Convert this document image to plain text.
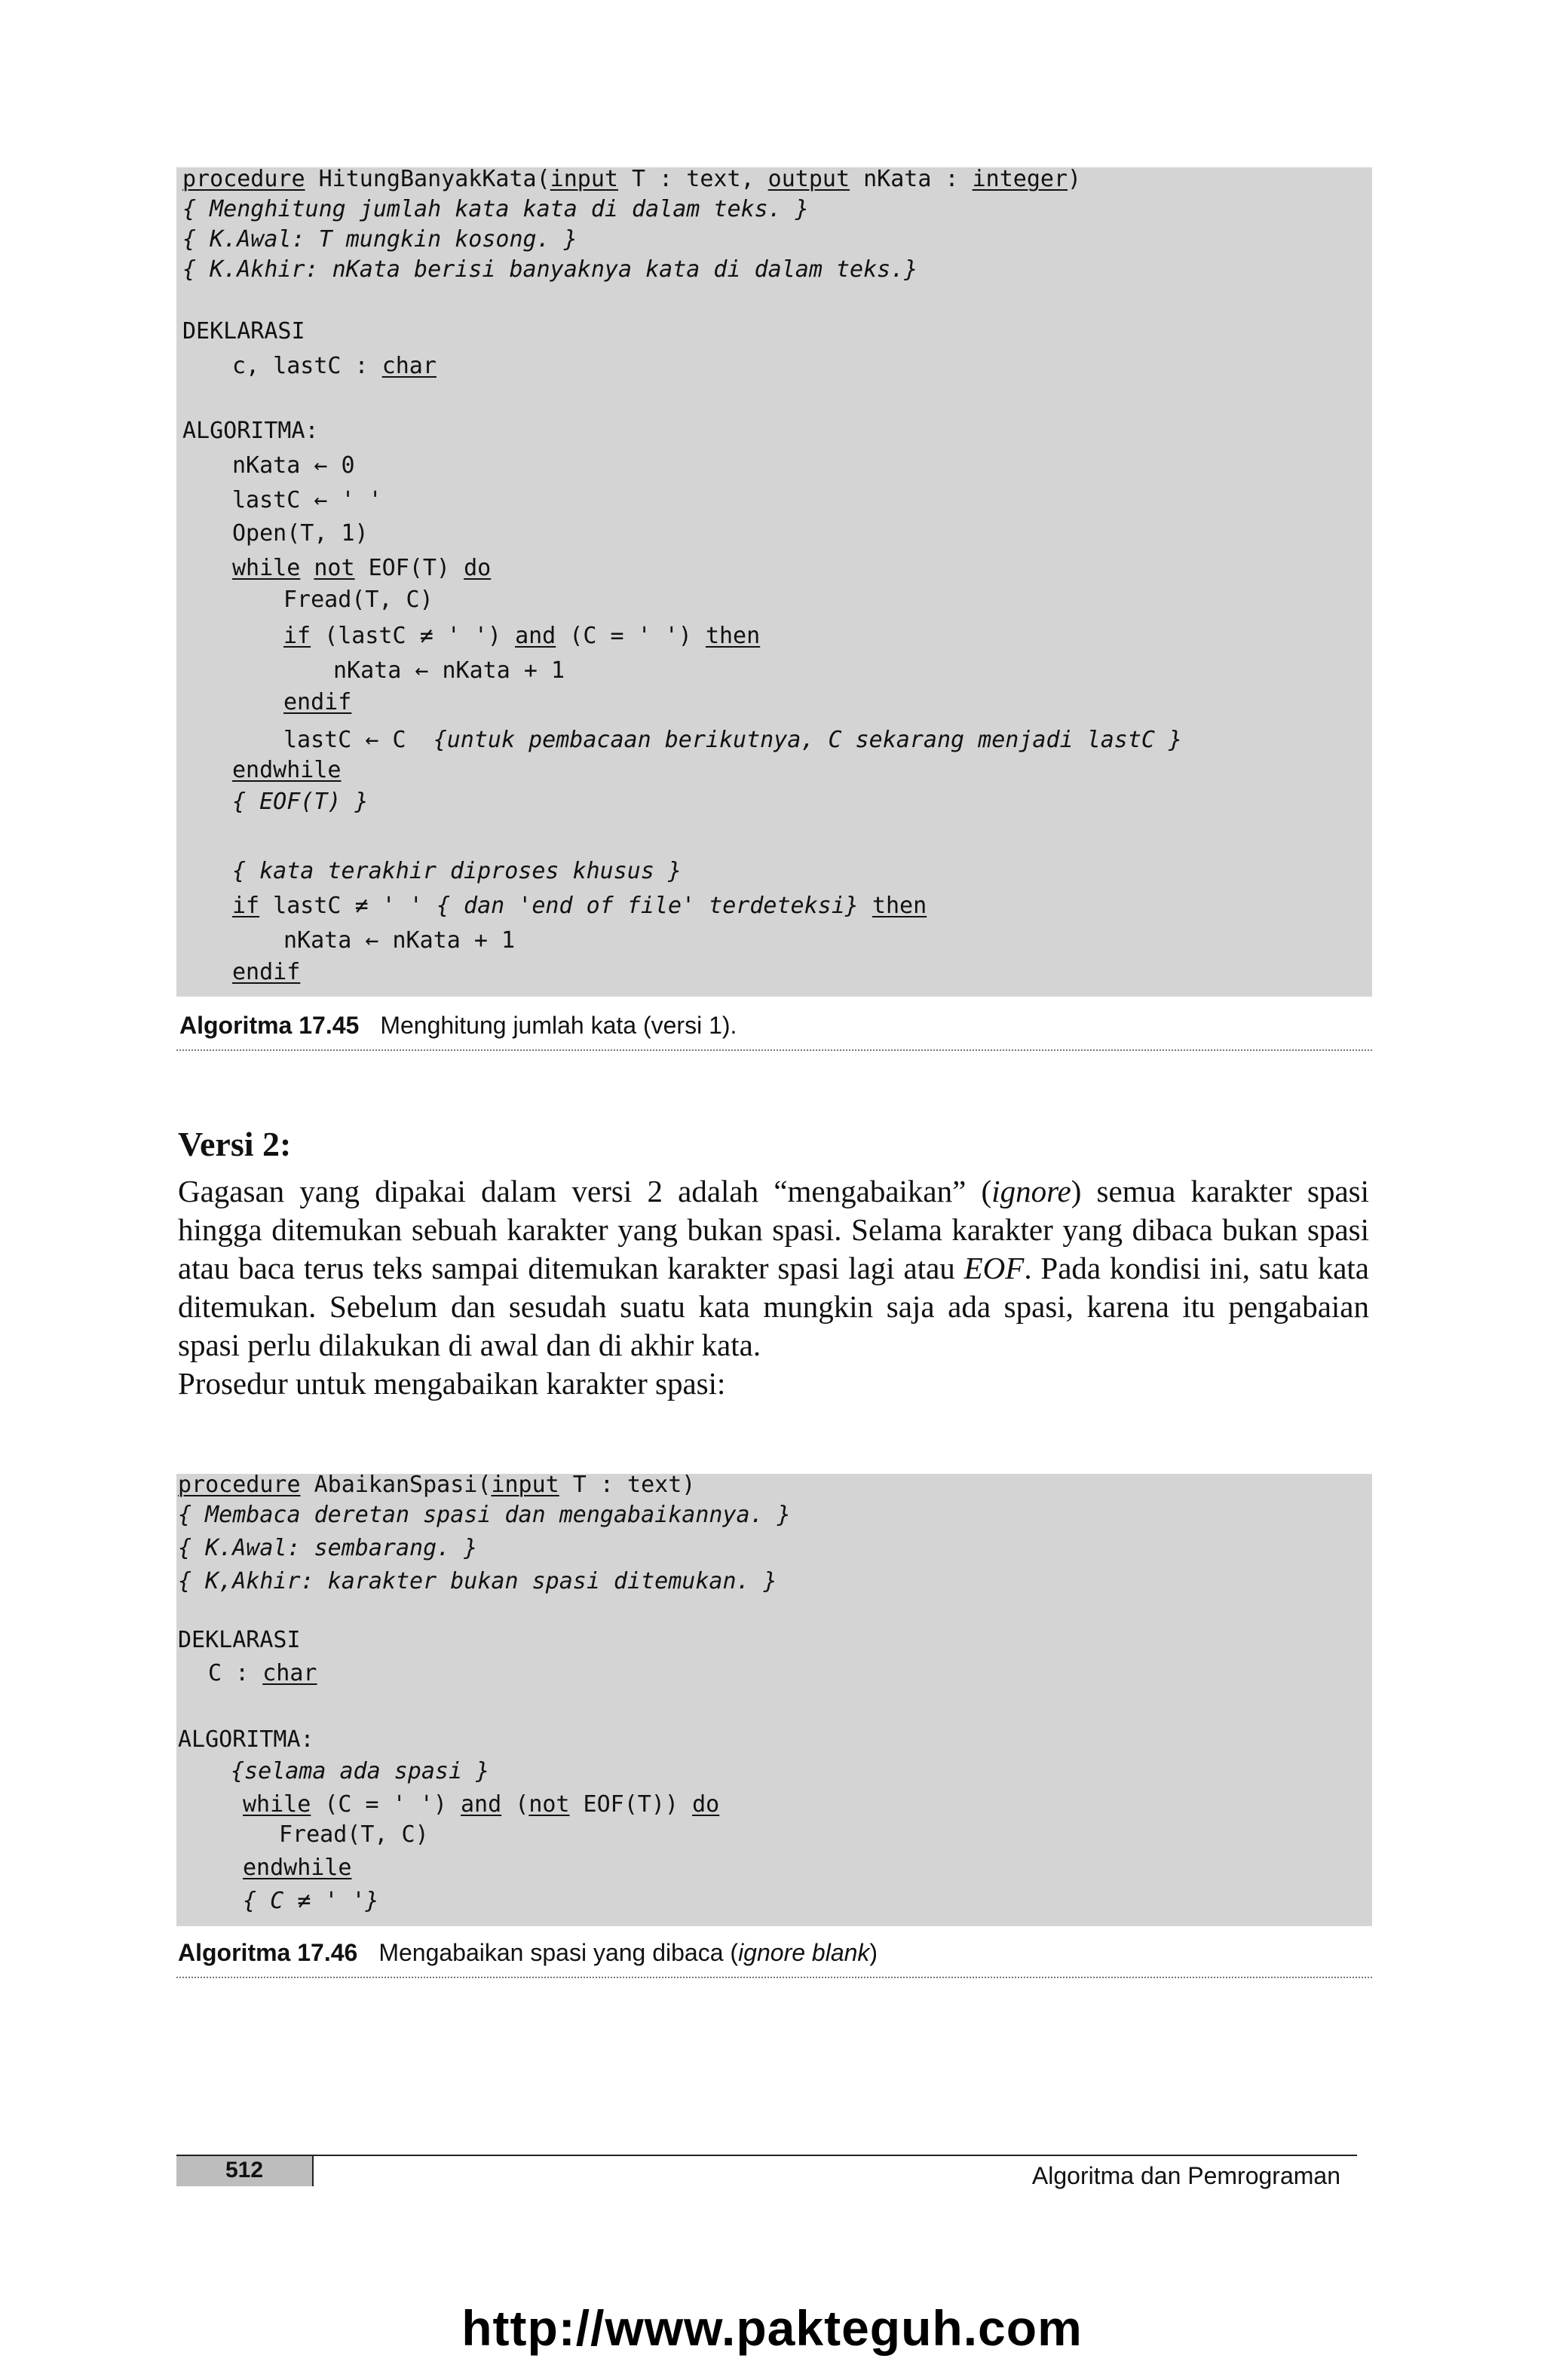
procedure HitungBanyakKata(input T : text, output nKata : integer)
{ Menghitung jumlah kata kata di dalam teks. }
{ K.Awal: T mungkin kosong. }
{ K.Akhir: nKata berisi banyaknya kata di dalam teks.}
DEKLARASI
c, lastC : char
ALGORITMA:
nKata ← 0
lastC ← ' '
Open(T, 1)
while not EOF(T) do
Fread(T, C)
if (lastC ≠ ' ') and (C = ' ') then
nKata ← nKata + 1
endif
lastC ← C  {untuk pembacaan berikutnya, C sekarang menjadi lastC }
endwhile
{ EOF(T) }
{ kata terakhir diproses khusus }
if lastC ≠ ' ' { dan 'end of file' terdeteksi} then
nKata ← nKata + 1
endif
Algoritma 17.45 Menghitung jumlah kata (versi 1).
Versi 2:

Gagasan yang dipakai dalam versi 2 adalah “mengabaikan” (ignore) semua karakter spasi hingga ditemukan sebuah karakter yang bukan spasi. Selama karakter yang dibaca bukan spasi atau baca terus teks sampai ditemukan karakter spasi lagi atau EOF. Pada kondisi ini, satu kata ditemukan. Sebelum dan sesudah suatu kata mungkin saja ada spasi, karena itu pengabaian spasi perlu dilakukan di awal dan di akhir kata.

Prosedur untuk mengabaikan karakter spasi:

procedure AbaikanSpasi(input T : text)
{ Membaca deretan spasi dan mengabaikannya. }
{ K.Awal: sembarang. }
{ K,Akhir: karakter bukan spasi ditemukan. }
DEKLARASI
C : char
ALGORITMA:
{selama ada spasi }
while (C = ' ') and (not EOF(T)) do
Fread(T, C)
endwhile
{ C ≠ ' '}
Algoritma 17.46 Mengabaikan spasi yang dibaca (ignore blank)
512	Algoritma dan Pemrograman
http://www.pakteguh.com
